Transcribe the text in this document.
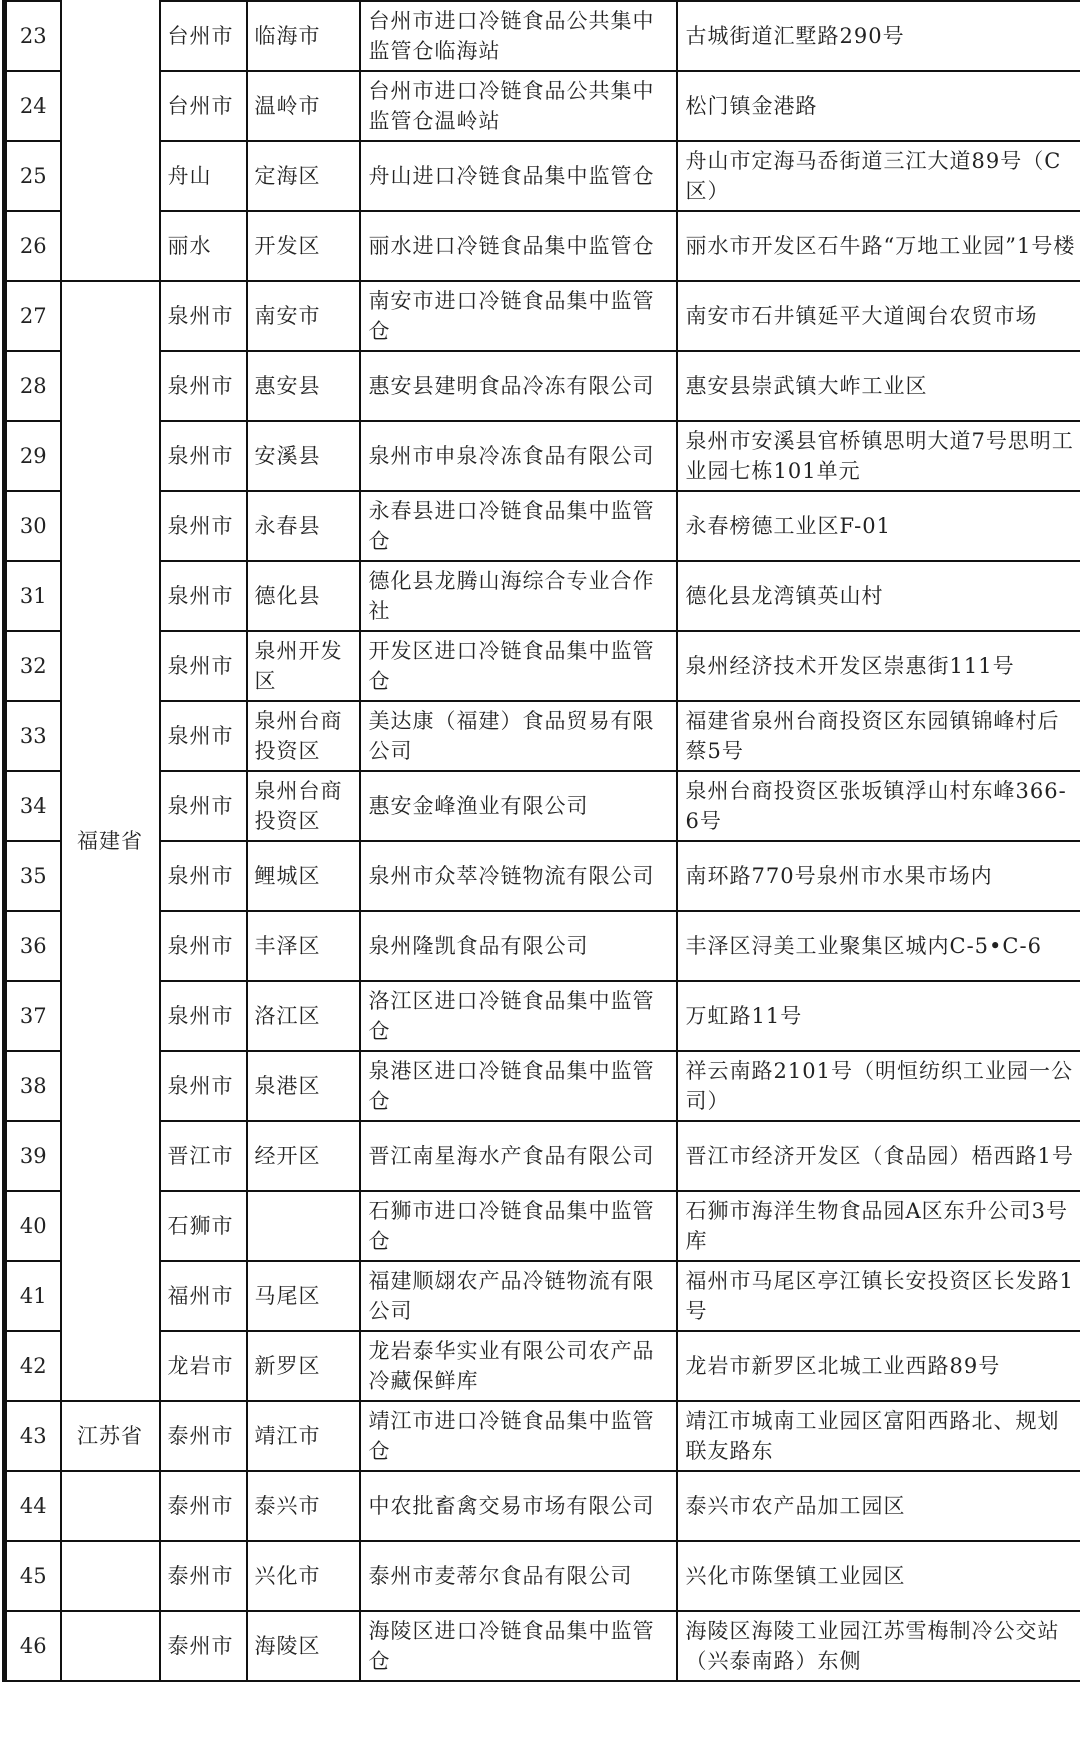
23		台州市	临海市	台州市进口冷链食品公共集中监管仓临海站	古城街道汇墅路290号
24		台州市	温岭市	台州市进口冷链食品公共集中监管仓温岭站	松门镇金港路
25		舟山	定海区	舟山进口冷链食品集中监管仓	舟山市定海马岙街道三江大道89号（C区）
26		丽水	开发区	丽水进口冷链食品集中监管仓	丽水市开发区石牛路“万地工业园”1号楼
27	福建省	泉州市	南安市	南安市进口冷链食品集中监管仓	南安市石井镇延平大道闽台农贸市场
28		泉州市	惠安县	惠安县建明食品冷冻有限公司	惠安县崇武镇大岞工业区
29		泉州市	安溪县	泉州市申泉冷冻食品有限公司	泉州市安溪县官桥镇思明大道7号思明工业园七栋101单元
30		泉州市	永春县	永春县进口冷链食品集中监管仓	永春榜德工业区F-01
31		泉州市	德化县	德化县龙腾山海综合专业合作社	德化县龙湾镇英山村
32		泉州市	泉州开发区	开发区进口冷链食品集中监管仓	泉州经济技术开发区崇惠街111号
33		泉州市	泉州台商投资区	美达康（福建）食品贸易有限公司	福建省泉州台商投资区东园镇锦峰村后蔡5号
34		泉州市	泉州台商投资区	惠安金峰渔业有限公司	泉州台商投资区张坂镇浮山村东峰366-6号
35		泉州市	鲤城区	泉州市众萃冷链物流有限公司	南环路770号泉州市水果市场内
36		泉州市	丰泽区	泉州隆凯食品有限公司	丰泽区浔美工业聚集区城内C-5•C-6
37		泉州市	洛江区	洛江区进口冷链食品集中监管仓	万虹路11号
38		泉州市	泉港区	泉港区进口冷链食品集中监管仓	祥云南路2101号（明恒纺织工业园一公司）
39		晋江市	经开区	晋江南星海水产食品有限公司	晋江市经济开发区（食品园）梧西路1号
40		石狮市		石狮市进口冷链食品集中监管仓	石狮市海洋生物食品园A区东升公司3号库
41		福州市	马尾区	福建顺翃农产品冷链物流有限公司	福州市马尾区亭江镇长安投资区长发路1号
42		龙岩市	新罗区	龙岩泰华实业有限公司农产品冷藏保鲜库	龙岩市新罗区北城工业西路89号
43	江苏省	泰州市	靖江市	靖江市进口冷链食品集中监管仓	靖江市城南工业园区富阳西路北、规划联友路东
44		泰州市	泰兴市	中农批畜禽交易市场有限公司	泰兴市农产品加工园区
45		泰州市	兴化市	泰州市麦蒂尔食品有限公司	兴化市陈堡镇工业园区
46		泰州市	海陵区	海陵区进口冷链食品集中监管仓	海陵区海陵工业园江苏雪梅制冷公交站（兴泰南路）东侧
